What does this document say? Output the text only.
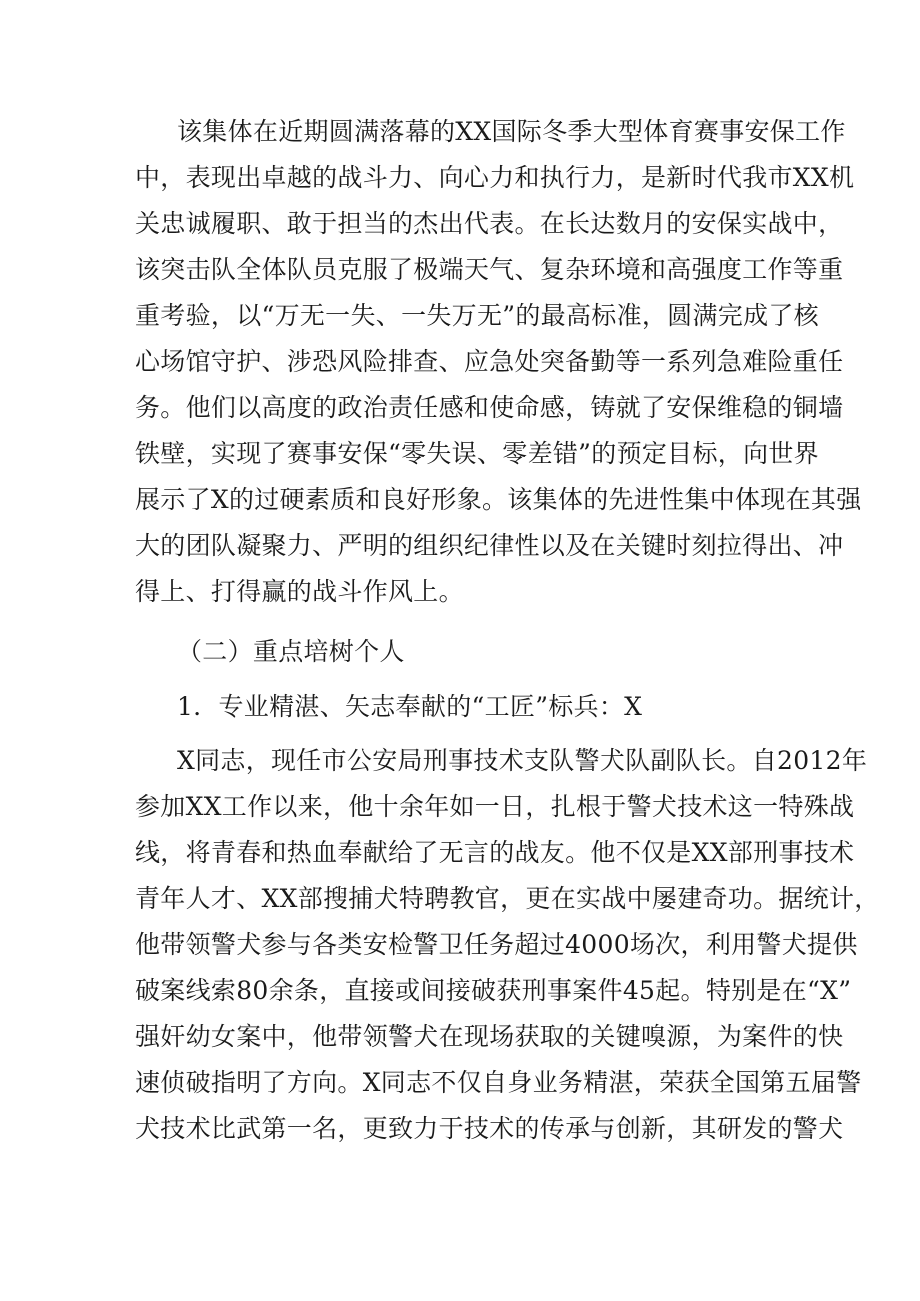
该集体在近期圆满落幕的XX国际冬季大型体育赛事安保工作
中，表现出卓越的战斗力、向心力和执行力，是新时代我市XX机
关忠诚履职、敢于担当的杰出代表。在长达数月的安保实战中，
该突击队全体队员克服了极端天气、复杂环境和高强度工作等重
重考验，以“万无一失、一失万无”的最高标准，圆满完成了核
心场馆守护、涉恐风险排查、应急处突备勤等一系列急难险重任
务。他们以高度的政治责任感和使命感，铸就了安保维稳的铜墙
铁壁，实现了赛事安保“零失误、零差错”的预定目标，向世界
展示了X的过硬素质和良好形象。该集体的先进性集中体现在其强
大的团队凝聚力、严明的组织纪律性以及在关键时刻拉得出、冲
得上、打得赢的战斗作风上。
（二）重点培树个人
1．专业精湛、矢志奉献的“工匠”标兵：X
X同志，现任市公安局刑事技术支队警犬队副队长。自2012年
参加XX工作以来，他十余年如一日，扎根于警犬技术这一特殊战
线，将青春和热血奉献给了无言的战友。他不仅是XX部刑事技术
青年人才、XX部搜捕犬特聘教官，更在实战中屡建奇功。据统计，
他带领警犬参与各类安检警卫任务超过4000场次，利用警犬提供
破案线索80余条，直接或间接破获刑事案件45起。特别是在“X”
强奸幼女案中，他带领警犬在现场获取的关键嗅源，为案件的快
速侦破指明了方向。X同志不仅自身业务精湛，荣获全国第五届警
犬技术比武第一名，更致力于技术的传承与创新，其研发的警犬
